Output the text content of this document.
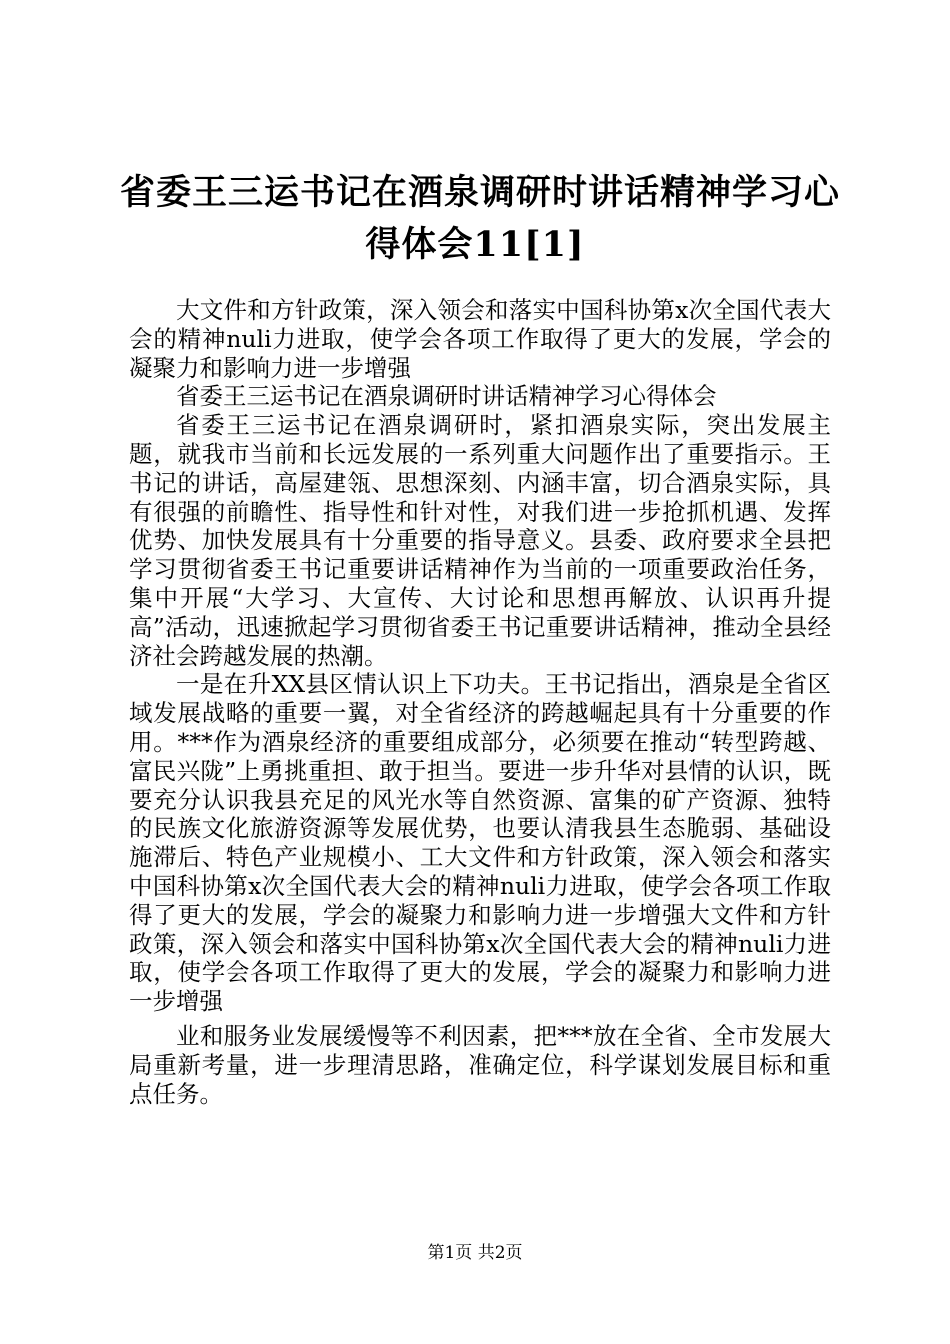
省委王三运书记在酒泉调研时讲话精神学习心
得体会11[1]

大文件和方针政策，深入领会和落实中国科协第x次全国代表大会的精神nuli力进取，使学会各项工作取得了更大的发展，学会的凝聚力和影响力进一步增强

省委王三运书记在酒泉调研时讲话精神学习心得体会

省委王三运书记在酒泉调研时，紧扣酒泉实际，突出发展主题，就我市当前和长远发展的一系列重大问题作出了重要指示。王书记的讲话，高屋建瓴、思想深刻、内涵丰富，切合酒泉实际，具有很强的前瞻性、指导性和针对性，对我们进一步抢抓机遇、发挥优势、加快发展具有十分重要的指导意义。县委、政府要求全县把学习贯彻省委王书记重要讲话精神作为当前的一项重要政治任务，集中开展“大学习、大宣传、大讨论和思想再解放、认识再升提高”活动，迅速掀起学习贯彻省委王书记重要讲话精神，推动全县经济社会跨越发展的热潮。

一是在升XX县区情认识上下功夫。王书记指出，酒泉是全省区域发展战略的重要一翼，对全省经济的跨越崛起具有十分重要的作用。***作为酒泉经济的重要组成部分，必须要在推动“转型跨越、富民兴陇”上勇挑重担、敢于担当。要进一步升华对县情的认识，既要充分认识我县充足的风光水等自然资源、富集的矿产资源、独特的民族文化旅游资源等发展优势，也要认清我县生态脆弱、基础设施滞后、特色产业规模小、工大文件和方针政策，深入领会和落实中国科协第x次全国代表大会的精神nuli力进取，使学会各项工作取得了更大的发展，学会的凝聚力和影响力进一步增强大文件和方针政策，深入领会和落实中国科协第x次全国代表大会的精神nuli力进取，使学会各项工作取得了更大的发展，学会的凝聚力和影响力进一步增强

业和服务业发展缓慢等不利因素，把***放在全省、全市发展大局重新考量，进一步理清思路，准确定位，科学谋划发展目标和重点任务。

第1页 共2页
